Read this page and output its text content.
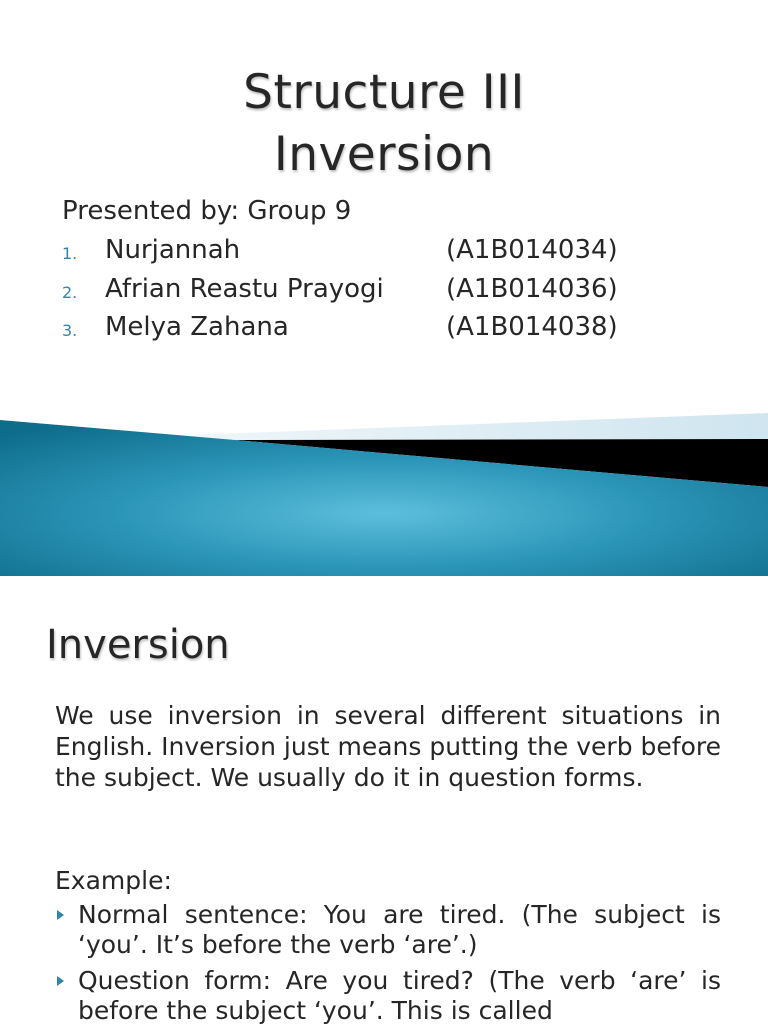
Structure III
Inversion
Presented by: Group 9
1. Nurjannah	(A1B014034)
2. Afrian Reastu Prayogi (A1B014036)
3. Melya Zahana	(A1B014038)
Inversion
We use inversion in several different situations in English. Inversion just means putting the verb before the subject. We usually do it in question forms.
Example:
Normal sentence: You are tired. (The subject is ‘you’. It’s before the verb ‘are’.)
Question form: Are you tired? (The verb ‘are’ is before the subject ‘you’. This is called
